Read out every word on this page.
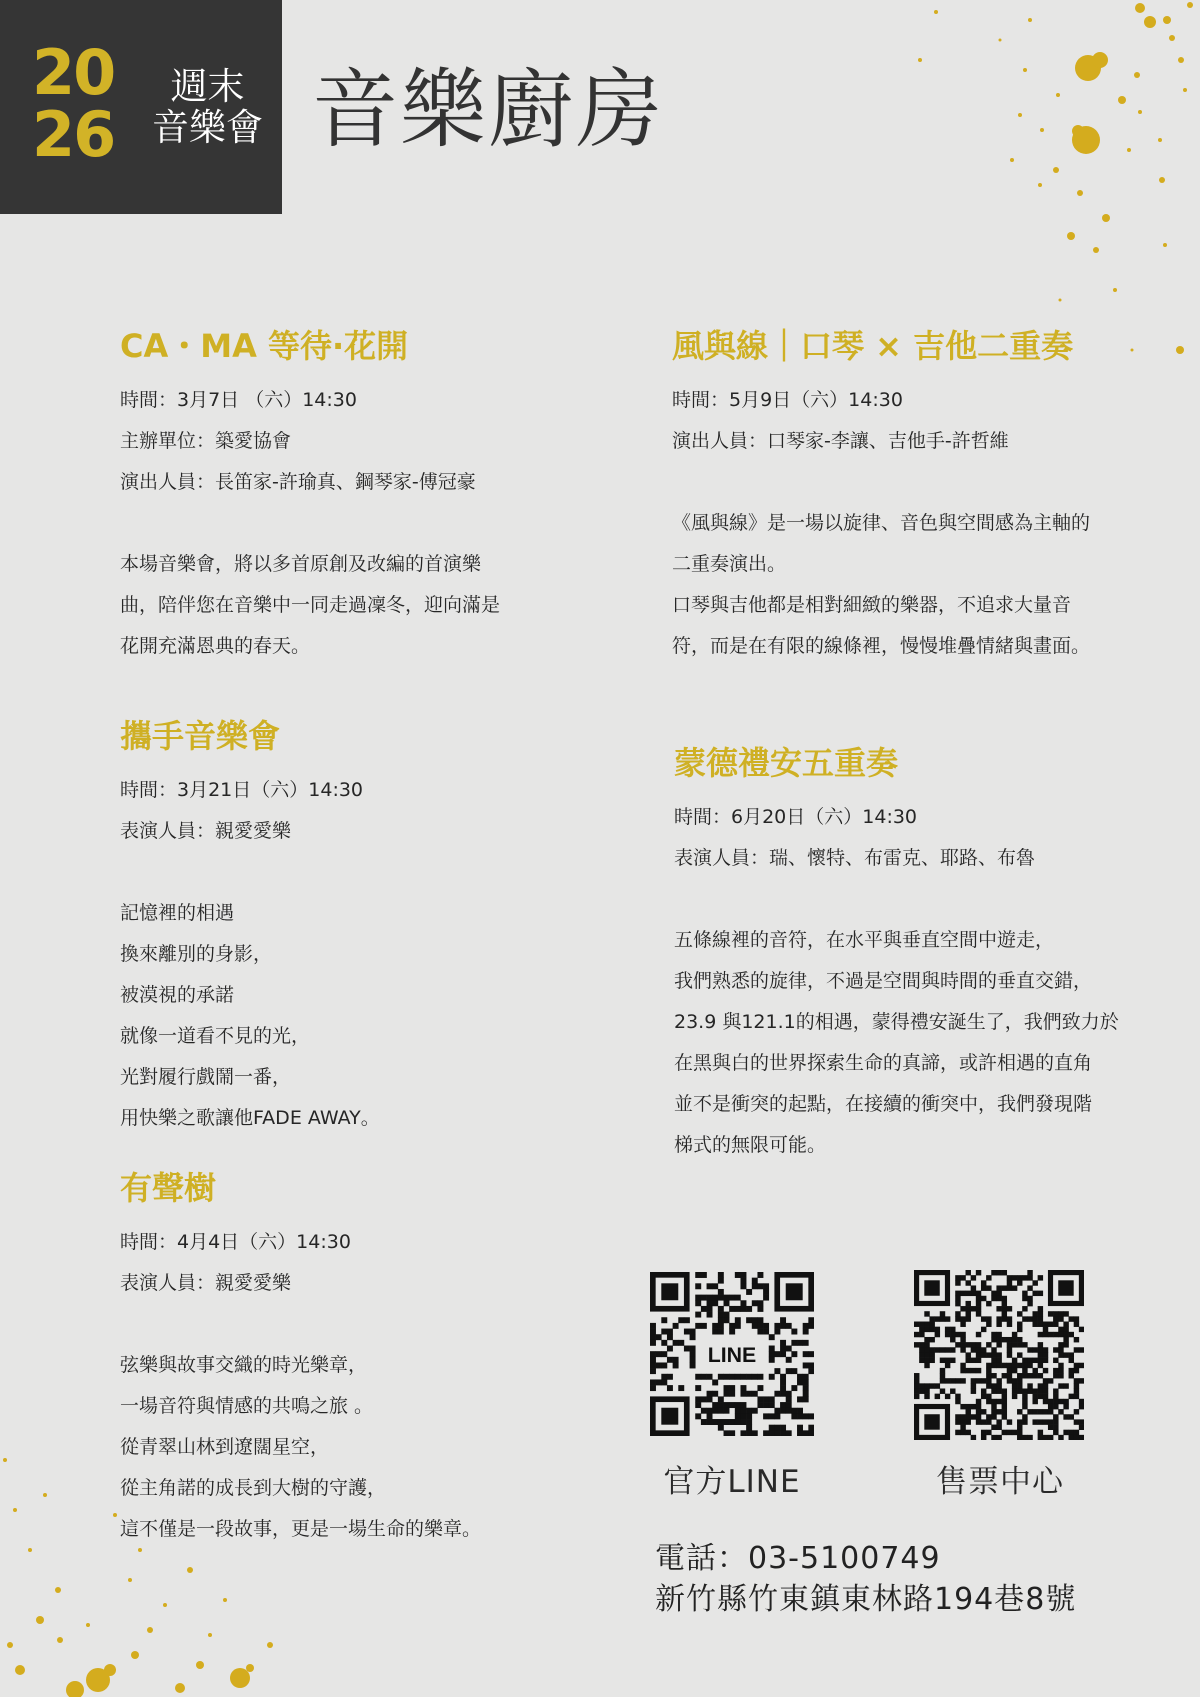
20
26
週末
音樂會 音樂廚房
CA・MA 等待·花開
時間：3月7日 （六）14:30
主辦單位：築愛協會
演出人員：長笛家-許瑜真、鋼琴家-傅冠豪
本場音樂會，將以多首原創及改編的首演樂
曲，陪伴您在音樂中一同走過凜冬，迎向滿是
花開充滿恩典的春天。
攜手音樂會
時間：3月21日（六）14:30
表演人員：親愛愛樂
記憶裡的相遇
換來離別的身影，
被漠視的承諾
就像一道看不見的光，
光對履行戲鬧一番，
用快樂之歌讓他FADE AWAY。
有聲樹
時間：4月4日（六）14:30
表演人員：親愛愛樂
弦樂與故事交織的時光樂章，
一場音符與情感的共鳴之旅 。
從青翠山林到遼闊星空，
從主角諾的成長到大樹的守護，
這不僅是一段故事，更是一場生命的樂章。
風與線｜口琴 × 吉他二重奏
時間：5月9日（六）14:30
演出人員：口琴家-李讓、吉他手-許哲維
《風與線》是一場以旋律、音色與空間感為主軸的
二重奏演出。
口琴與吉他都是相對細緻的樂器，不追求大量音
符，而是在有限的線條裡，慢慢堆疊情緒與畫面。
蒙德禮安五重奏
時間：6月20日（六）14:30
表演人員：瑞、懷特、布雷克、耶路、布魯
五條線裡的音符，在水平與垂直空間中遊走，
我們熟悉的旋律，不過是空間與時間的垂直交錯，
23.9 與121.1的相遇，蒙得禮安誕生了，我們致力於
在黑與白的世界探索生命的真諦，或許相遇的直角
並不是衝突的起點，在接續的衝突中，我們發現階
梯式的無限可能。
LINE
官方LINE	售票中心
電話：03-5100749
新竹縣竹東鎮東林路194巷8號
